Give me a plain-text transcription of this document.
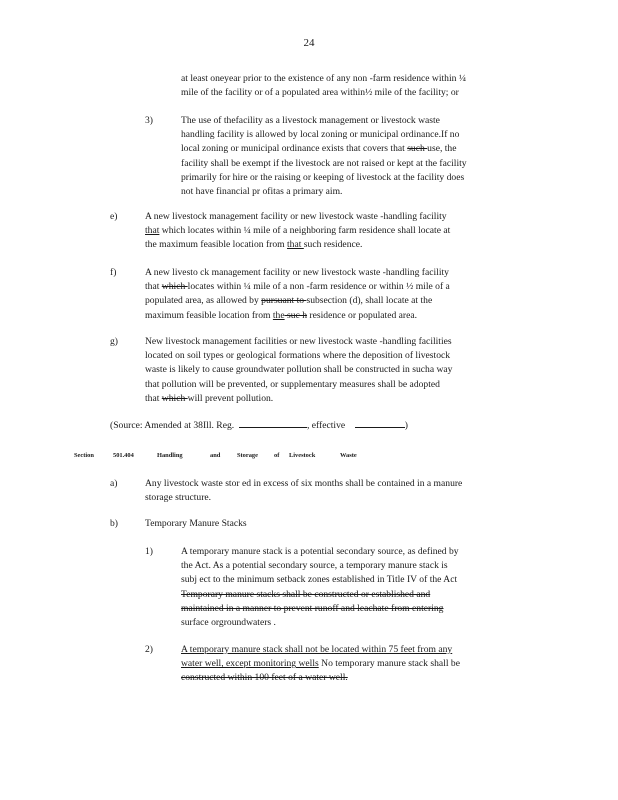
24
at least oneyear prior to the existence of any non -farm residence within ¼
mile of the facility or of a populated area within½ mile of the facility; or
3)	The use of thefacility as a livestock management or livestock waste
handling facility is allowed by local zoning or municipal ordinance.If no
local zoning or municipal ordinance exists that covers that such use, the
facility shall be exempt if the livestock are not raised or kept at the facility
primarily for hire or the raising or keeping of livestock at the facility does
not have financial pr ofitas a primary aim.
e)	A new livestock management facility or new livestock waste -handling facility
that which locates within ¼ mile of a neighboring farm residence shall locate at
the maximum feasible location from that such residence.
f)	A new livesto ck management facility or new livestock waste -handling facility
that which locates within ¼ mile of a non -farm residence or within ½ mile of a
populated area, as allowed by pursuant to subsection (d), shall locate at the
maximum feasible location from the suc h residence or populated area.
g)	New livestock management facilities or new livestock waste -handling facilities
located on soil types or geological formations where the deposition of livestock
waste is likely to cause groundwater pollution shall be constructed in sucha way
that pollution will be prevented, or supplementary measures shall be adopted
that which will prevent pollution.
(Source: Amended at 38Ill. Reg.	, effective	)
Section	501.404	Handling	and	Storage	of Livestock	Waste
a)	Any livestock waste stor ed in excess of six months shall be contained in a manure
storage structure.
b)	Temporary Manure Stacks
1)	A temporary manure stack is a potential secondary source, as defined by
the Act. As a potential secondary source, a temporary manure stack is
subj ect to the minimum setback zones established in Title IV of the Act
Temporary manure stacks shall be constructed or established and
maintained in a manner to prevent runoff and leachate from entering
surface orgroundwaters .
2)	A temporary manure stack shall not be located within 75 feet from any
water well, except monitoring wells No temporary manure stack shall be
constructed within 100 feet of a water well.
